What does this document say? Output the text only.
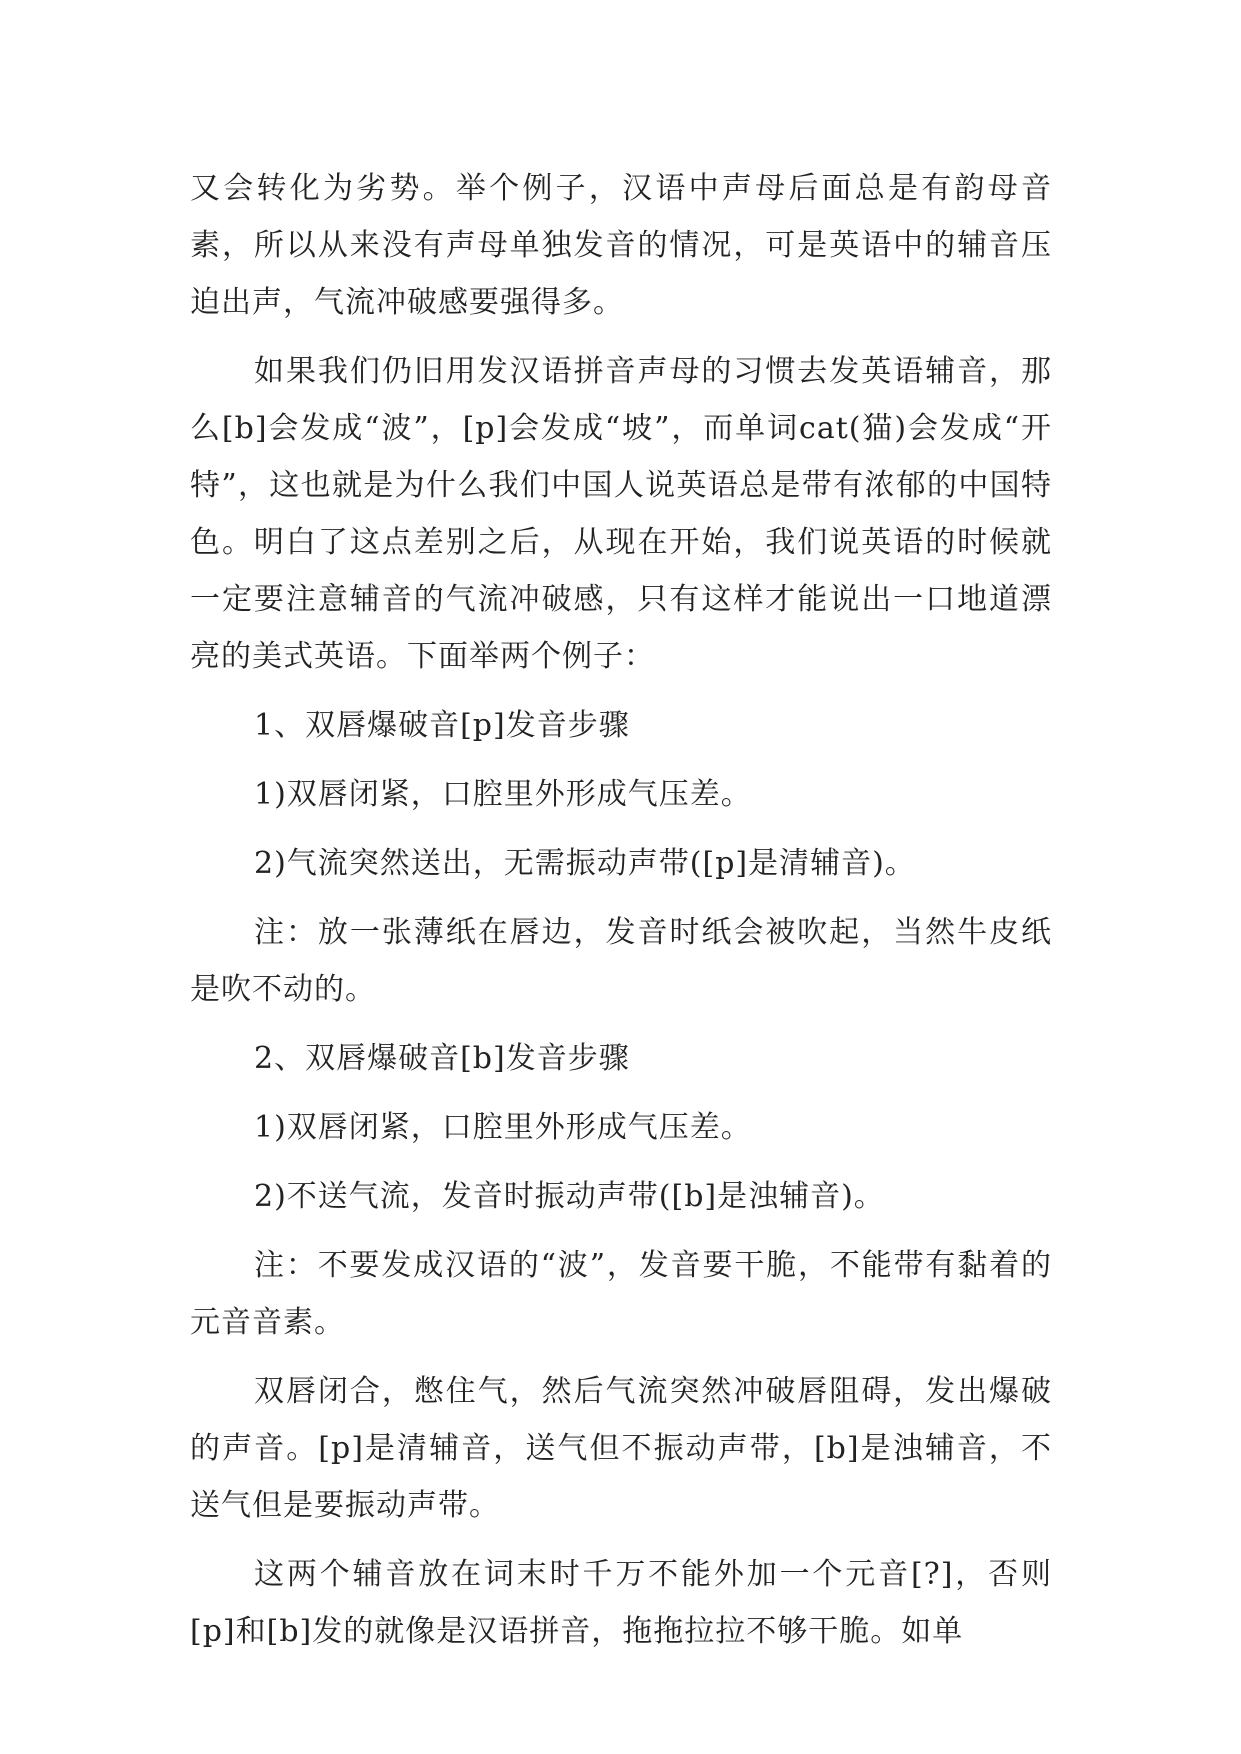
又会转化为劣势。举个例子，汉语中声母后面总是有韵母音素，所以从来没有声母单独发音的情况，可是英语中的辅音压迫出声，气流冲破感要强得多。

如果我们仍旧用发汉语拼音声母的习惯去发英语辅音，那么[b]会发成“波”，[p]会发成“坡”，而单词cat(猫)会发成“开特”，这也就是为什么我们中国人说英语总是带有浓郁的中国特色。明白了这点差别之后，从现在开始，我们说英语的时候就一定要注意辅音的气流冲破感，只有这样才能说出一口地道漂亮的美式英语。下面举两个例子：

1、双唇爆破音[p]发音步骤

1)双唇闭紧，口腔里外形成气压差。

2)气流突然送出，无需振动声带([p]是清辅音)。

注：放一张薄纸在唇边，发音时纸会被吹起，当然牛皮纸是吹不动的。

2、双唇爆破音[b]发音步骤

1)双唇闭紧，口腔里外形成气压差。

2)不送气流，发音时振动声带([b]是浊辅音)。

注：不要发成汉语的“波”，发音要干脆，不能带有黏着的元音音素。

双唇闭合，憋住气，然后气流突然冲破唇阻碍，发出爆破的声音。[p]是清辅音，送气但不振动声带，[b]是浊辅音，不送气但是要振动声带。

这两个辅音放在词末时千万不能外加一个元音[?]，否则[p]和[b]发的就像是汉语拼音，拖拖拉拉不够干脆。如单
